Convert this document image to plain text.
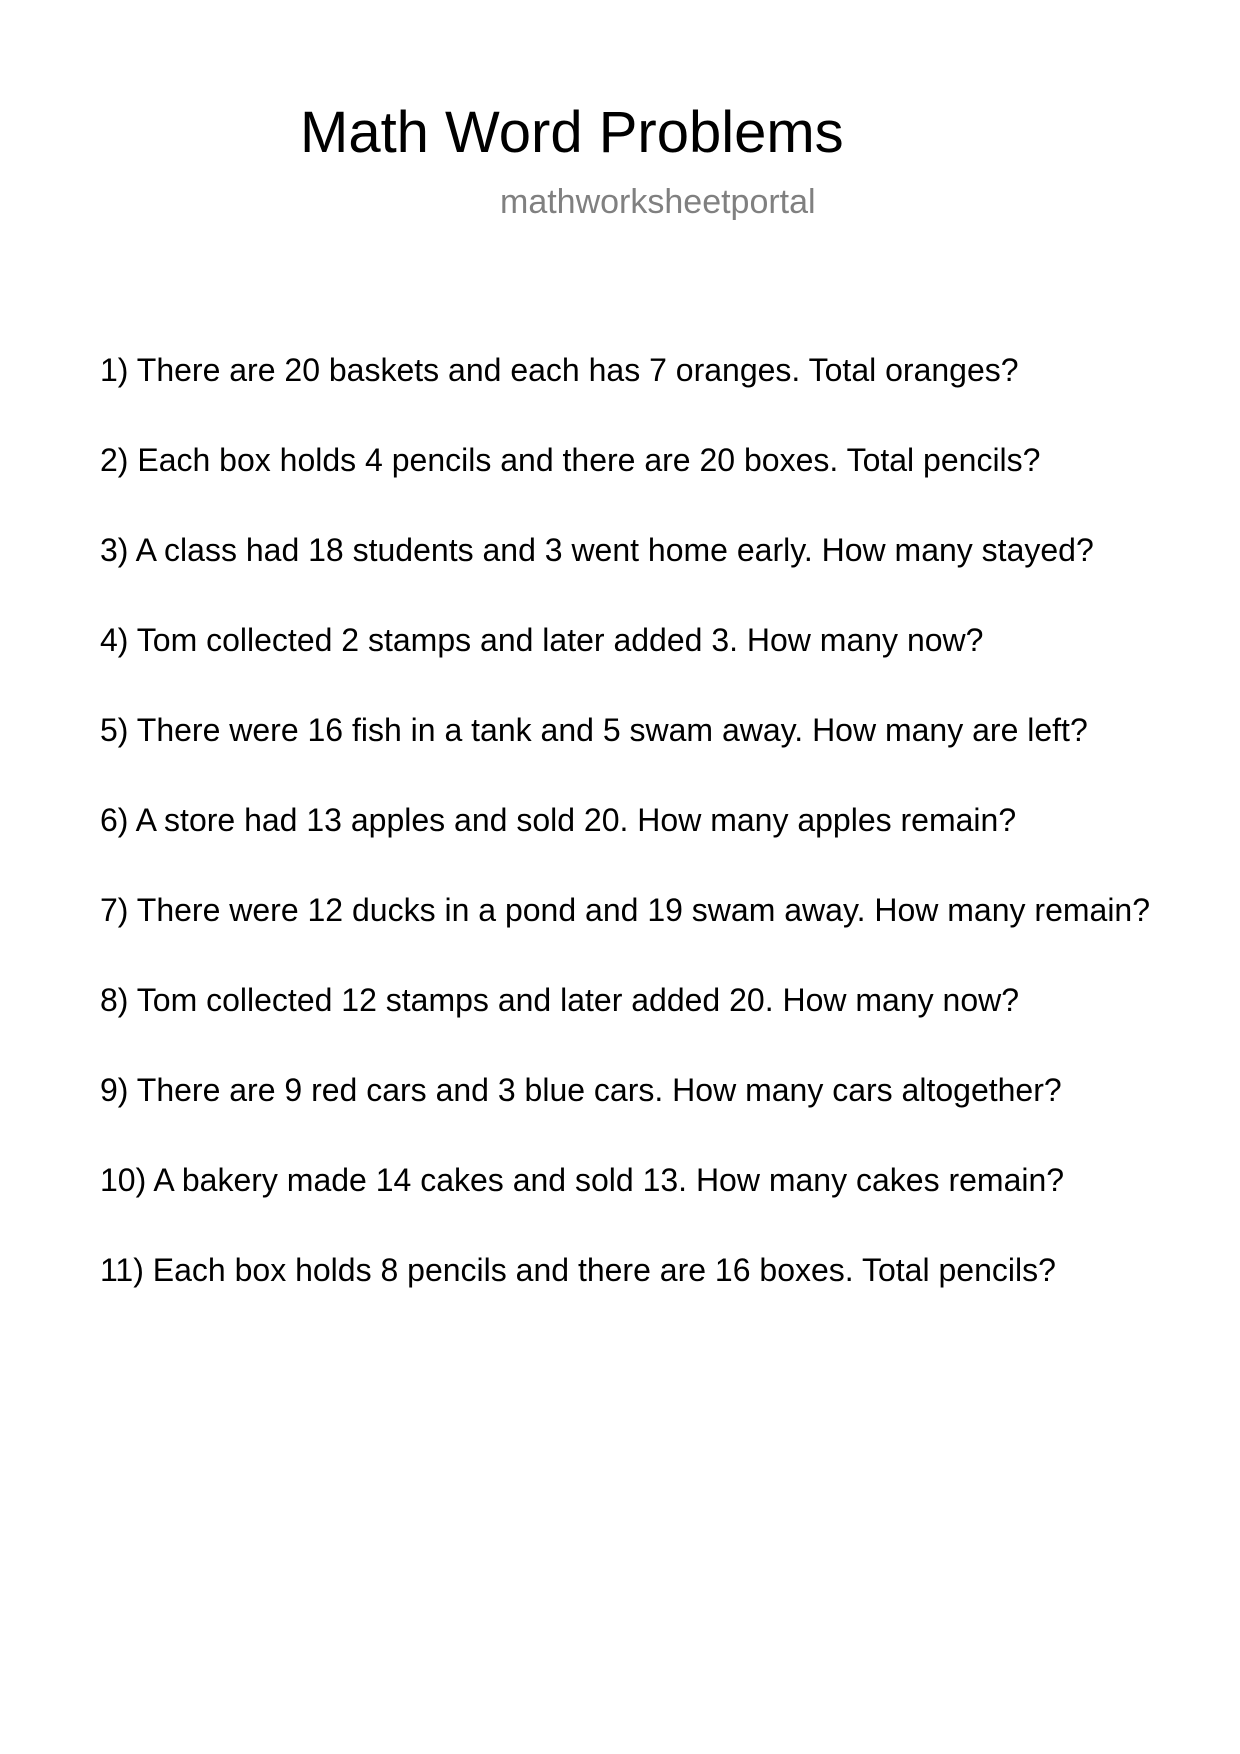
Math Word Problems
mathworksheetportal
1) There are 20 baskets and each has 7 oranges. Total oranges?
2) Each box holds 4 pencils and there are 20 boxes. Total pencils?
3) A class had 18 students and 3 went home early. How many stayed?
4) Tom collected 2 stamps and later added 3. How many now?
5) There were 16 fish in a tank and 5 swam away. How many are left?
6) A store had 13 apples and sold 20. How many apples remain?
7) There were 12 ducks in a pond and 19 swam away. How many remain?
8) Tom collected 12 stamps and later added 20. How many now?
9) There are 9 red cars and 3 blue cars. How many cars altogether?
10) A bakery made 14 cakes and sold 13. How many cakes remain?
11) Each box holds 8 pencils and there are 16 boxes. Total pencils?
